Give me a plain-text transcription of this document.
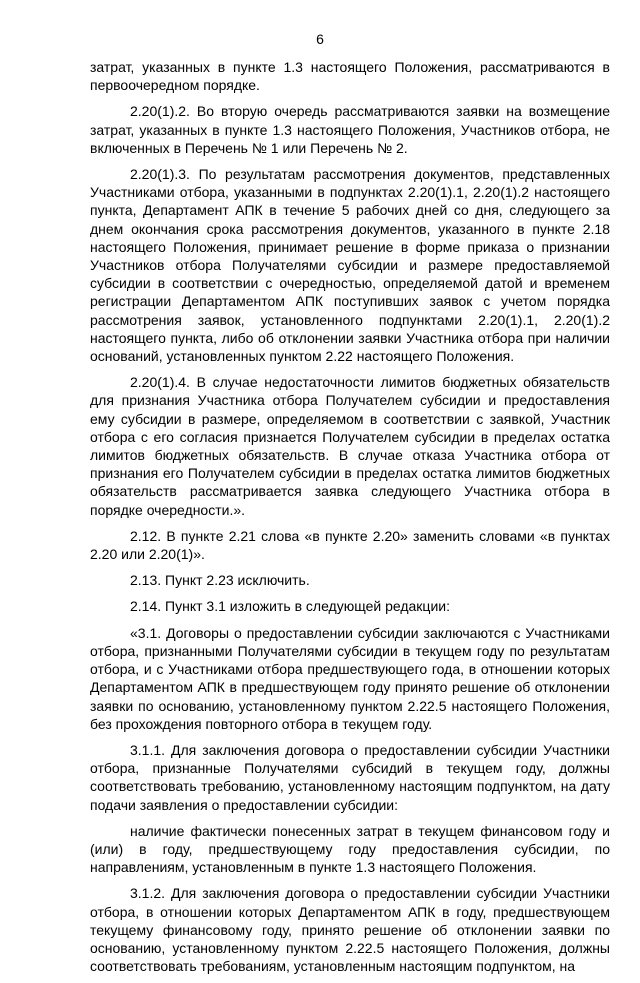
6

затрат, указанных в пункте 1.3 настоящего Положения, рассматриваются в первоочередном порядке.

2.20(1).2. Во вторую очередь рассматриваются заявки на возмещение затрат, указанных в пункте 1.3 настоящего Положения, Участников отбора, не включенных в Перечень № 1 или Перечень № 2.

2.20(1).3. По результатам рассмотрения документов, представленных Участниками отбора, указанными в подпунктах 2.20(1).1, 2.20(1).2 настоящего пункта, Департамент АПК в течение 5 рабочих дней со дня, следующего за днем окончания срока рассмотрения документов, указанного в пункте 2.18 настоящего Положения, принимает решение в форме приказа о признании Участников отбора Получателями субсидии и размере предоставляемой субсидии в соответствии с очередностью, определяемой датой и временем регистрации Департаментом АПК поступивших заявок с учетом порядка рассмотрения заявок, установленного подпунктами 2.20(1).1, 2.20(1).2 настоящего пункта, либо об отклонении заявки Участника отбора при наличии оснований, установленных пунктом 2.22 настоящего Положения.

2.20(1).4. В случае недостаточности лимитов бюджетных обязательств для признания Участника отбора Получателем субсидии и предоставления ему субсидии в размере, определяемом в соответствии с заявкой, Участник отбора с его согласия признается Получателем субсидии в пределах остатка лимитов бюджетных обязательств. В случае отказа Участника отбора от признания его Получателем субсидии в пределах остатка лимитов бюджетных обязательств рассматривается заявка следующего Участника отбора в порядке очередности.».

2.12. В пункте 2.21 слова «в пункте 2.20» заменить словами «в пунктах 2.20 или 2.20(1)».

2.13. Пункт 2.23 исключить.

2.14. Пункт 3.1 изложить в следующей редакции:

«3.1. Договоры о предоставлении субсидии заключаются с Участниками отбора, признанными Получателями субсидии в текущем году по результатам отбора, и с Участниками отбора предшествующего года, в отношении которых Департаментом АПК в предшествующем году принято решение об отклонении заявки по основанию, установленному пунктом 2.22.5 настоящего Положения, без прохождения повторного отбора в текущем году.

3.1.1. Для заключения договора о предоставлении субсидии Участники отбора, признанные Получателями субсидий в текущем году, должны соответствовать требованию, установленному настоящим подпунктом, на дату подачи заявления о предоставлении субсидии:

наличие фактически понесенных затрат в текущем финансовом году и (или) в году, предшествующему году предоставления субсидии, по направлениям, установленным в пункте 1.3 настоящего Положения.

3.1.2. Для заключения договора о предоставлении субсидии Участники отбора, в отношении которых Департаментом АПК в году, предшествующем текущему финансовому году, принято решение об отклонении заявки по основанию, установленному пунктом 2.22.5 настоящего Положения, должны соответствовать требованиям, установленным настоящим подпунктом, на
